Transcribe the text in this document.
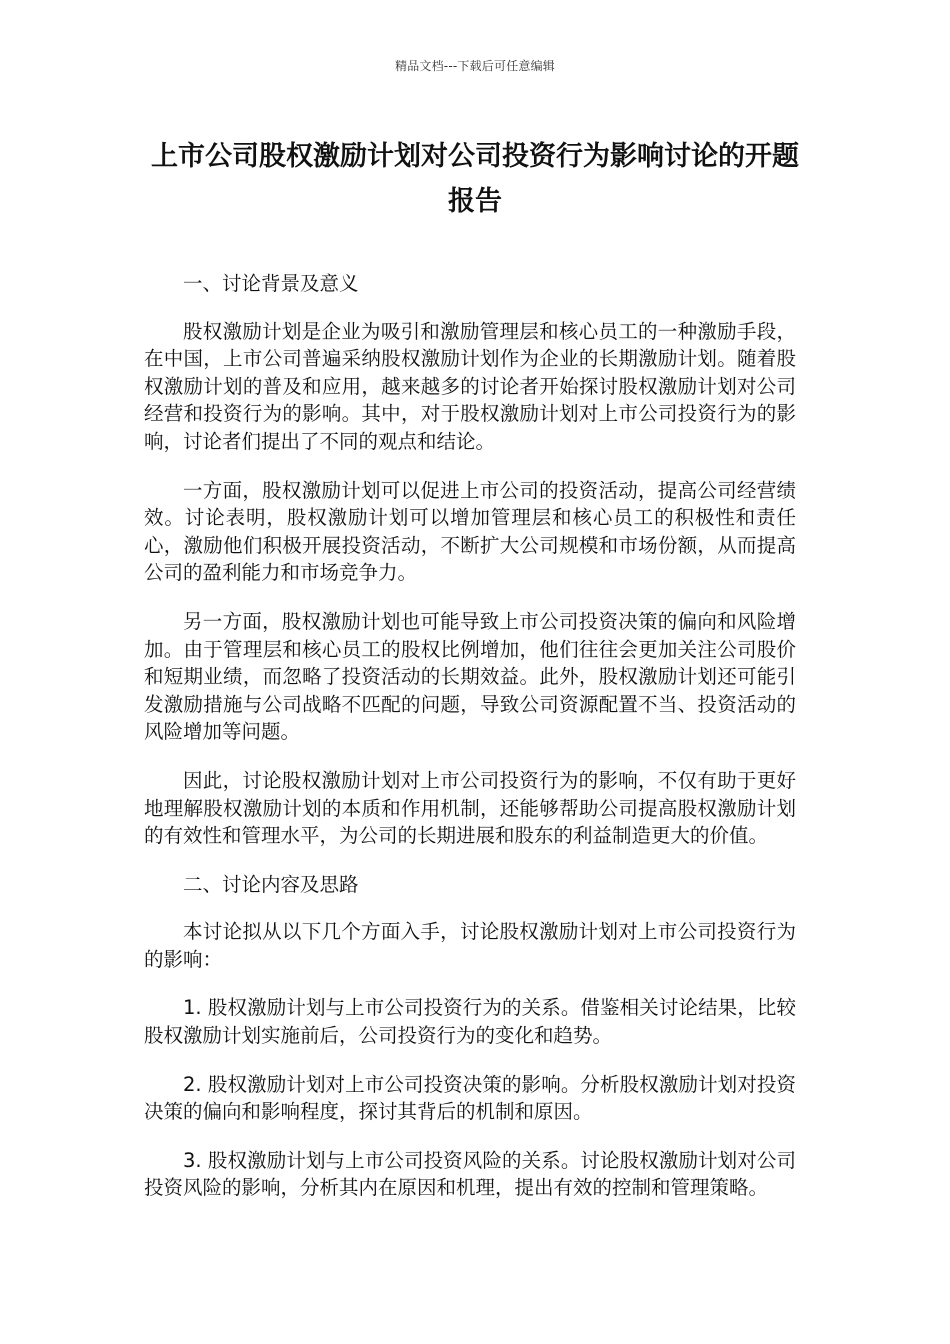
精品文档---下载后可任意编辑
上市公司股权激励计划对公司投资行为影响讨论的开题报告

一、讨论背景及意义

股权激励计划是企业为吸引和激励管理层和核心员工的一种激励手段，在中国，上市公司普遍采纳股权激励计划作为企业的长期激励计划。随着股权激励计划的普及和应用，越来越多的讨论者开始探讨股权激励计划对公司经营和投资行为的影响。其中，对于股权激励计划对上市公司投资行为的影响，讨论者们提出了不同的观点和结论。

一方面，股权激励计划可以促进上市公司的投资活动，提高公司经营绩效。讨论表明，股权激励计划可以增加管理层和核心员工的积极性和责任心，激励他们积极开展投资活动，不断扩大公司规模和市场份额，从而提高公司的盈利能力和市场竞争力。

另一方面，股权激励计划也可能导致上市公司投资决策的偏向和风险增加。由于管理层和核心员工的股权比例增加，他们往往会更加关注公司股价和短期业绩，而忽略了投资活动的长期效益。此外，股权激励计划还可能引发激励措施与公司战略不匹配的问题，导致公司资源配置不当、投资活动的风险增加等问题。

因此，讨论股权激励计划对上市公司投资行为的影响，不仅有助于更好地理解股权激励计划的本质和作用机制，还能够帮助公司提高股权激励计划的有效性和管理水平，为公司的长期进展和股东的利益制造更大的价值。

二、讨论内容及思路

本讨论拟从以下几个方面入手，讨论股权激励计划对上市公司投资行为的影响：

1. 股权激励计划与上市公司投资行为的关系。借鉴相关讨论结果，比较股权激励计划实施前后，公司投资行为的变化和趋势。

2. 股权激励计划对上市公司投资决策的影响。分析股权激励计划对投资决策的偏向和影响程度，探讨其背后的机制和原因。

3. 股权激励计划与上市公司投资风险的关系。讨论股权激励计划对公司投资风险的影响，分析其内在原因和机理，提出有效的控制和管理策略。
